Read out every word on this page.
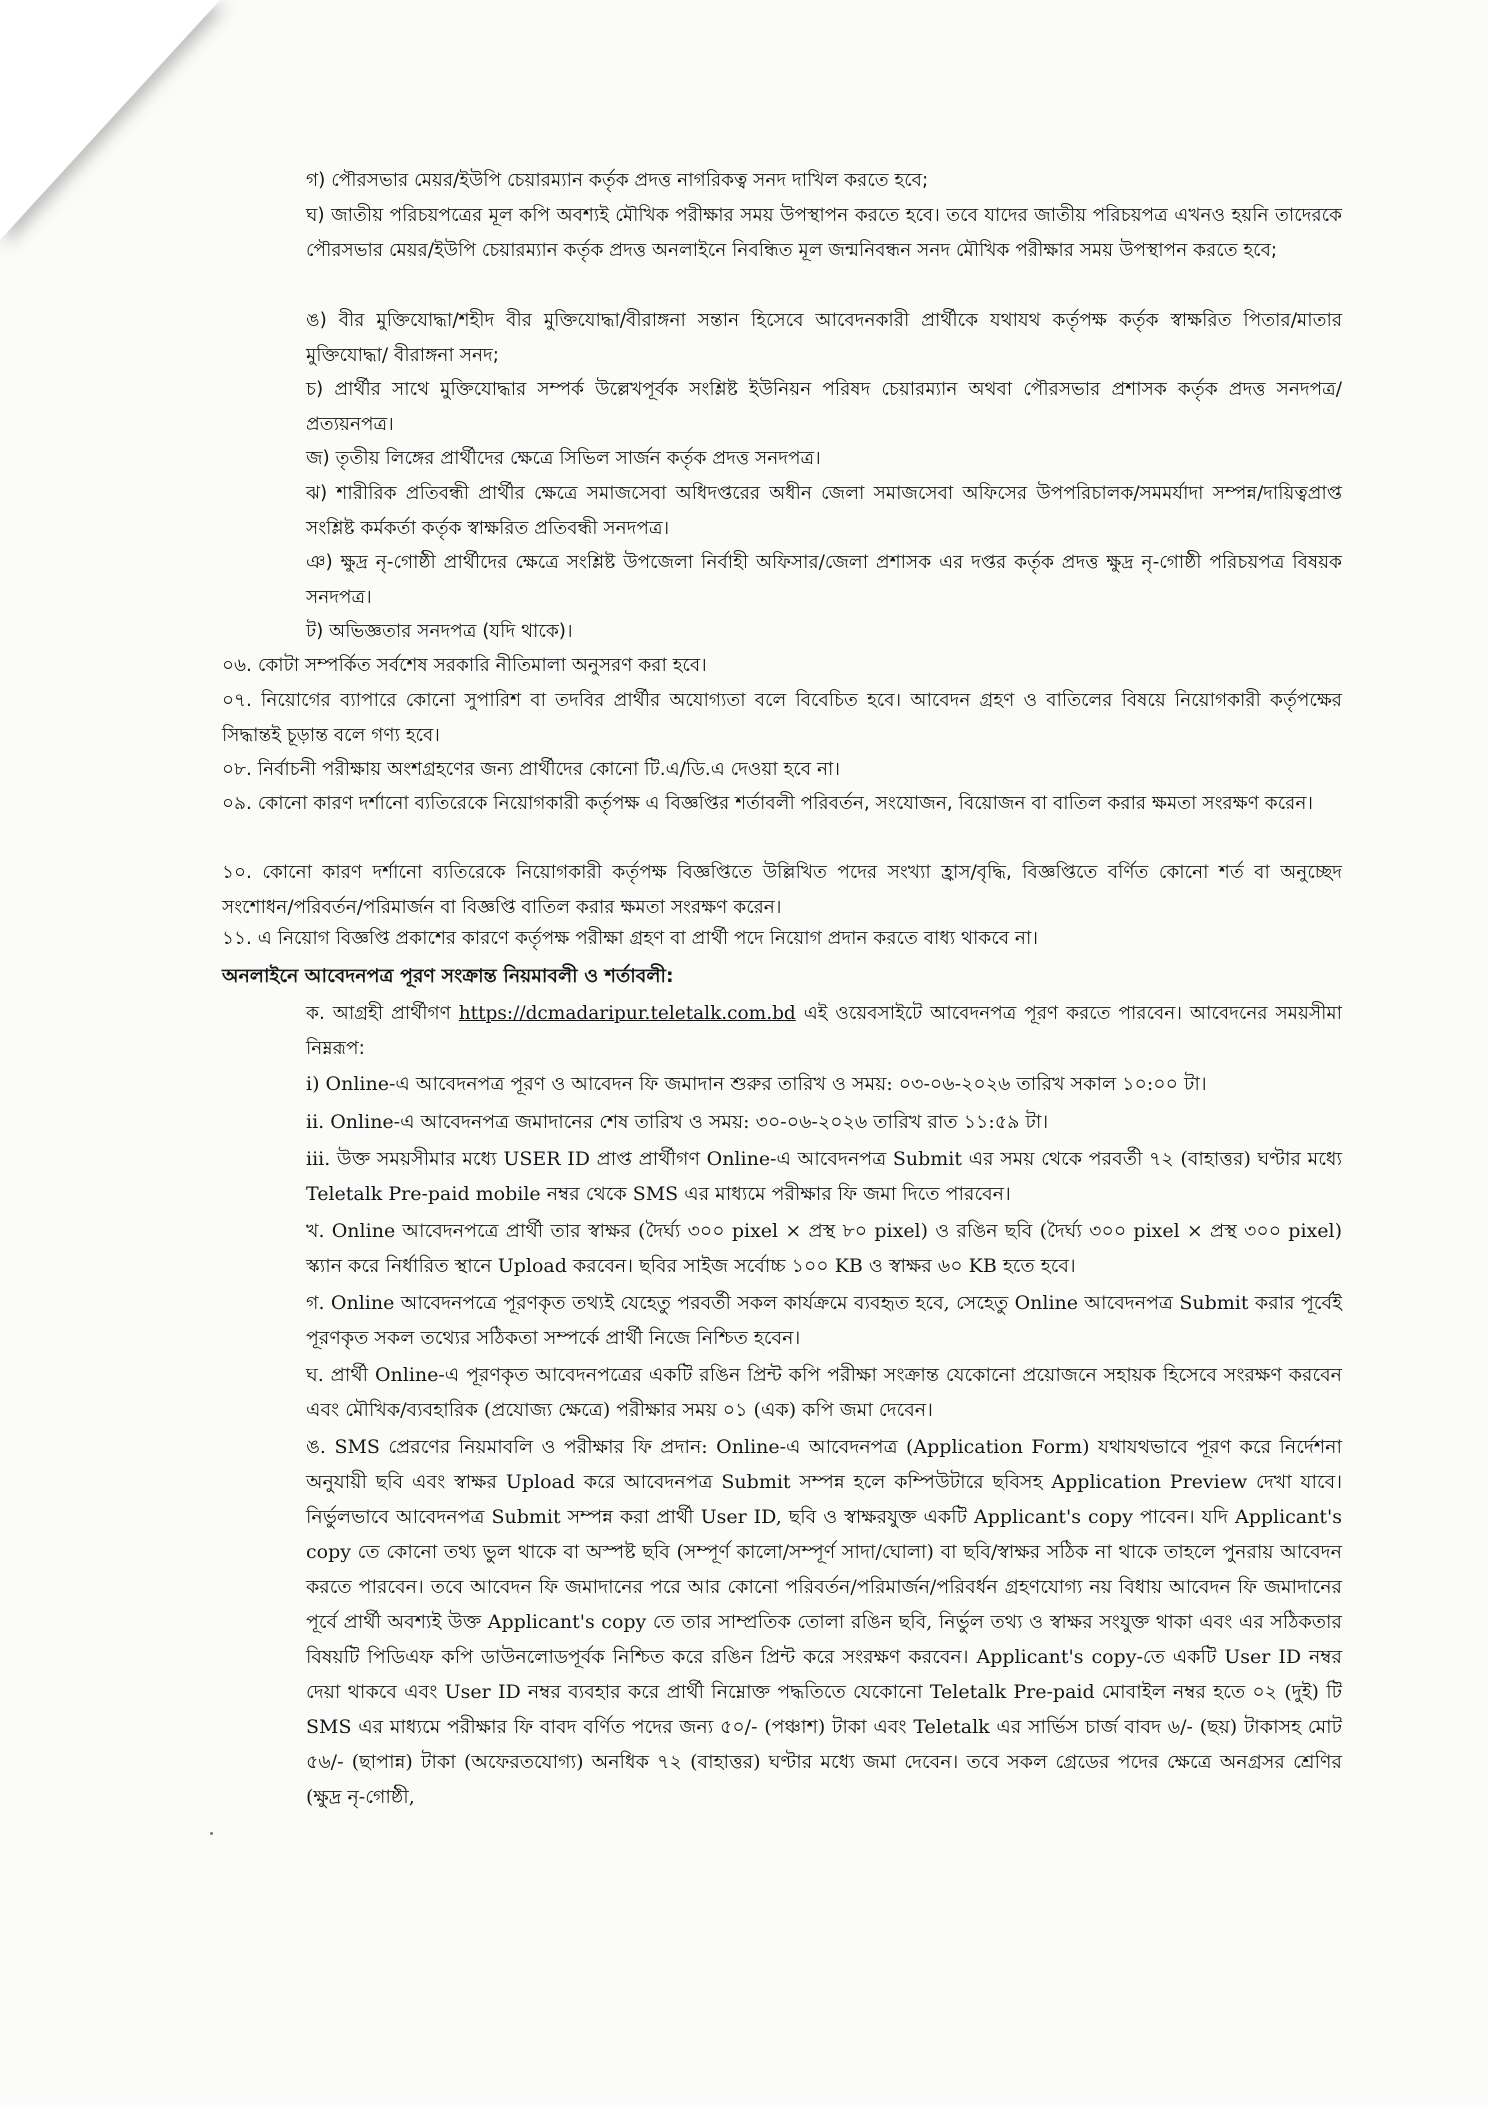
গ) পৌরসভার মেয়র/ইউপি চেয়ারম্যান কর্তৃক প্রদত্ত নাগরিকত্ব সনদ দাখিল করতে হবে;
ঘ) জাতীয় পরিচয়পত্রের মূল কপি অবশ্যই মৌখিক পরীক্ষার সময় উপস্থাপন করতে হবে। তবে যাদের জাতীয় পরিচয়পত্র এখনও হয়নি তাদেরকে পৌরসভার মেয়র/ইউপি চেয়ারম্যান কর্তৃক প্রদত্ত অনলাইনে নিবন্ধিত মূল জন্মনিবন্ধন সনদ মৌখিক পরীক্ষার সময় উপস্থাপন করতে হবে;
ঙ) বীর মুক্তিযোদ্ধা/শহীদ বীর মুক্তিযোদ্ধা/বীরাঙ্গনা সন্তান হিসেবে আবেদনকারী প্রার্থীকে যথাযথ কর্তৃপক্ষ কর্তৃক স্বাক্ষরিত পিতার/মাতার মুক্তিযোদ্ধা/ বীরাঙ্গনা সনদ;
চ) প্রার্থীর সাথে মুক্তিযোদ্ধার সম্পর্ক উল্লেখপূর্বক সংশ্লিষ্ট ইউনিয়ন পরিষদ চেয়ারম্যান অথবা পৌরসভার প্রশাসক কর্তৃক প্রদত্ত সনদপত্র/প্রত্যয়নপত্র।
জ) তৃতীয় লিঙ্গের প্রার্থীদের ক্ষেত্রে সিভিল সার্জন কর্তৃক প্রদত্ত সনদপত্র।
ঝ) শারীরিক প্রতিবন্ধী প্রার্থীর ক্ষেত্রে সমাজসেবা অধিদপ্তরের অধীন জেলা সমাজসেবা অফিসের উপপরিচালক/সমমর্যাদা সম্পন্ন/দায়িত্বপ্রাপ্ত সংশ্লিষ্ট কর্মকর্তা কর্তৃক স্বাক্ষরিত প্রতিবন্ধী সনদপত্র।
ঞ) ক্ষুদ্র নৃ-গোষ্ঠী প্রার্থীদের ক্ষেত্রে সংশ্লিষ্ট উপজেলা নির্বাহী অফিসার/জেলা প্রশাসক এর দপ্তর কর্তৃক প্রদত্ত ক্ষুদ্র নৃ-গোষ্ঠী পরিচয়পত্র বিষয়ক সনদপত্র।
ট) অভিজ্ঞতার সনদপত্র (যদি থাকে)।
০৬. কোটা সম্পর্কিত সর্বশেষ সরকারি নীতিমালা অনুসরণ করা হবে।
০৭. নিয়োগের ব্যাপারে কোনো সুপারিশ বা তদবির প্রার্থীর অযোগ্যতা বলে বিবেচিত হবে। আবেদন গ্রহণ ও বাতিলের বিষয়ে নিয়োগকারী কর্তৃপক্ষের সিদ্ধান্তই চূড়ান্ত বলে গণ্য হবে।
০৮. নির্বাচনী পরীক্ষায় অংশগ্রহণের জন্য প্রার্থীদের কোনো টি.এ/ডি.এ দেওয়া হবে না।
০৯. কোনো কারণ দর্শানো ব্যতিরেকে নিয়োগকারী কর্তৃপক্ষ এ বিজ্ঞপ্তির শর্তাবলী পরিবর্তন, সংযোজন, বিয়োজন বা বাতিল করার ক্ষমতা সংরক্ষণ করেন।
১০. কোনো কারণ দর্শানো ব্যতিরেকে নিয়োগকারী কর্তৃপক্ষ বিজ্ঞপ্তিতে উল্লিখিত পদের সংখ্যা হ্রাস/বৃদ্ধি, বিজ্ঞপ্তিতে বর্ণিত কোনো শর্ত বা অনুচ্ছেদ সংশোধন/পরিবর্তন/পরিমার্জন বা বিজ্ঞপ্তি বাতিল করার ক্ষমতা সংরক্ষণ করেন।
১১. এ নিয়োগ বিজ্ঞপ্তি প্রকাশের কারণে কর্তৃপক্ষ পরীক্ষা গ্রহণ বা প্রার্থী পদে নিয়োগ প্রদান করতে বাধ্য থাকবে না।
অনলাইনে আবেদনপত্র পূরণ সংক্রান্ত নিয়মাবলী ও শর্তাবলী:
ক. আগ্রহী প্রার্থীগণ https://dcmadaripur.teletalk.com.bd এই ওয়েবসাইটে আবেদনপত্র পূরণ করতে পারবেন। আবেদনের সময়সীমা নিম্নরূপ:
i) Online-এ আবেদনপত্র পূরণ ও আবেদন ফি জমাদান শুরুর তারিখ ও সময়: ০৩-০৬-২০২৬ তারিখ সকাল ১০:০০ টা।
ii. Online-এ আবেদনপত্র জমাদানের শেষ তারিখ ও সময়: ৩০-০৬-২০২৬ তারিখ রাত ১১:৫৯ টা।
iii. উক্ত সময়সীমার মধ্যে USER ID প্রাপ্ত প্রার্থীগণ Online-এ আবেদনপত্র Submit এর সময় থেকে পরবর্তী ৭২ (বাহাত্তর) ঘণ্টার মধ্যে Teletalk Pre-paid mobile নম্বর থেকে SMS এর মাধ্যমে পরীক্ষার ফি জমা দিতে পারবেন।
খ. Online আবেদনপত্রে প্রার্থী তার স্বাক্ষর (দৈর্ঘ্য ৩০০ pixel × প্রস্থ ৮০ pixel) ও রঙিন ছবি (দৈর্ঘ্য ৩০০ pixel × প্রস্থ ৩০০ pixel) স্ক্যান করে নির্ধারিত স্থানে Upload করবেন। ছবির সাইজ সর্বোচ্চ ১০০ KB ও স্বাক্ষর ৬০ KB হতে হবে।
গ. Online আবেদনপত্রে পূরণকৃত তথ্যই যেহেতু পরবর্তী সকল কার্যক্রমে ব্যবহৃত হবে, সেহেতু Online আবেদনপত্র Submit করার পূর্বেই পূরণকৃত সকল তথ্যের সঠিকতা সম্পর্কে প্রার্থী নিজে নিশ্চিত হবেন।
ঘ. প্রার্থী Online-এ পূরণকৃত আবেদনপত্রের একটি রঙিন প্রিন্ট কপি পরীক্ষা সংক্রান্ত যেকোনো প্রয়োজনে সহায়ক হিসেবে সংরক্ষণ করবেন এবং মৌখিক/ব্যবহারিক (প্রযোজ্য ক্ষেত্রে) পরীক্ষার সময় ০১ (এক) কপি জমা দেবেন।
ঙ. SMS প্রেরণের নিয়মাবলি ও পরীক্ষার ফি প্রদান: Online-এ আবেদনপত্র (Application Form) যথাযথভাবে পূরণ করে নির্দেশনা অনুযায়ী ছবি এবং স্বাক্ষর Upload করে আবেদনপত্র Submit সম্পন্ন হলে কম্পিউটারে ছবিসহ Application Preview দেখা যাবে। নির্ভুলভাবে আবেদনপত্র Submit সম্পন্ন করা প্রার্থী User ID, ছবি ও স্বাক্ষরযুক্ত একটি Applicant's copy পাবেন। যদি Applicant's copy তে কোনো তথ্য ভুল থাকে বা অস্পষ্ট ছবি (সম্পূর্ণ কালো/সম্পূর্ণ সাদা/ঘোলা) বা ছবি/স্বাক্ষর সঠিক না থাকে তাহলে পুনরায় আবেদন করতে পারবেন। তবে আবেদন ফি জমাদানের পরে আর কোনো পরিবর্তন/পরিমার্জন/পরিবর্ধন গ্রহণযোগ্য নয় বিধায় আবেদন ফি জমাদানের পূর্বে প্রার্থী অবশ্যই উক্ত Applicant's copy তে তার সাম্প্রতিক তোলা রঙিন ছবি, নির্ভুল তথ্য ও স্বাক্ষর সংযুক্ত থাকা এবং এর সঠিকতার বিষয়টি পিডিএফ কপি ডাউনলোডপূর্বক নিশ্চিত করে রঙিন প্রিন্ট করে সংরক্ষণ করবেন। Applicant's copy-তে একটি User ID নম্বর দেয়া থাকবে এবং User ID নম্বর ব্যবহার করে প্রার্থী নিম্নোক্ত পদ্ধতিতে যেকোনো Teletalk Pre-paid মোবাইল নম্বর হতে ০২ (দুই) টি SMS এর মাধ্যমে পরীক্ষার ফি বাবদ বর্ণিত পদের জন্য ৫০/- (পঞ্চাশ) টাকা এবং Teletalk এর সার্ভিস চার্জ বাবদ ৬/- (ছয়) টাকাসহ মোট ৫৬/- (ছাপান্ন) টাকা (অফেরতযোগ্য) অনধিক ৭২ (বাহাত্তর) ঘণ্টার মধ্যে জমা দেবেন। তবে সকল গ্রেডের পদের ক্ষেত্রে অনগ্রসর শ্রেণির (ক্ষুদ্র নৃ-গোষ্ঠী,
